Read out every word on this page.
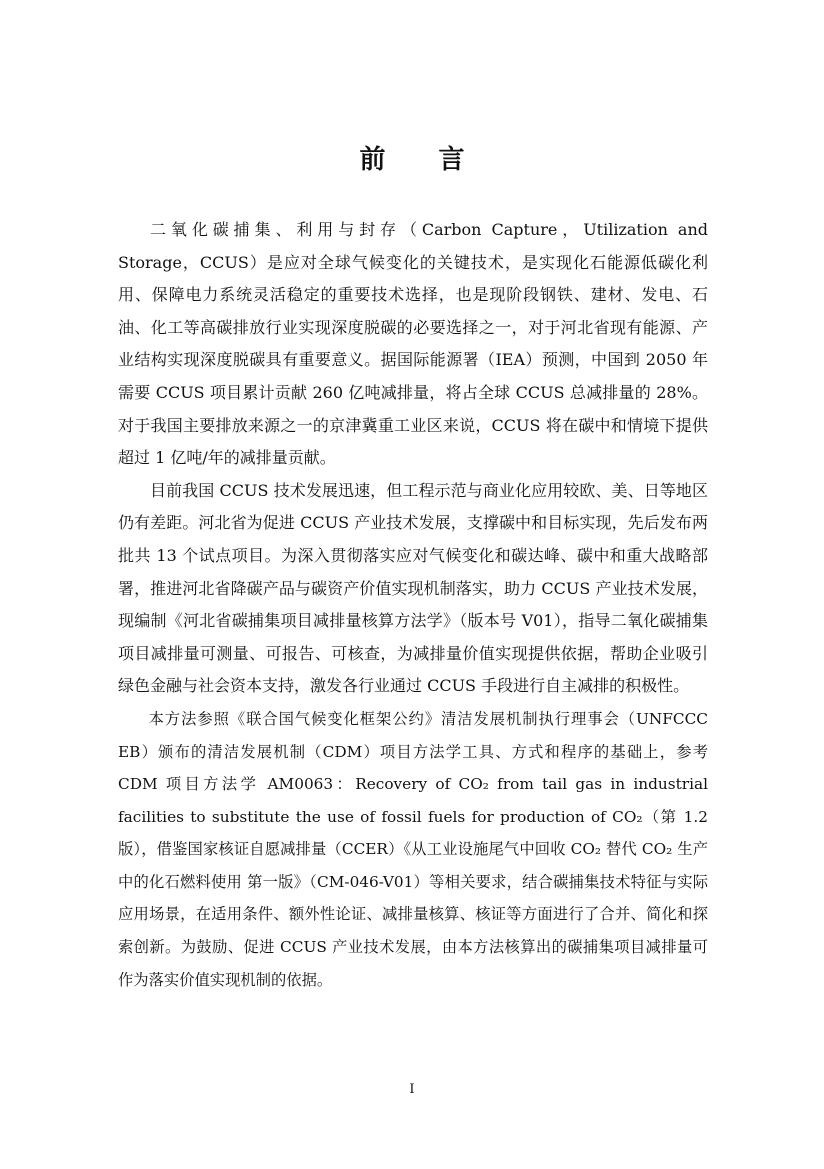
前 言

二氧化碳捕集、利用与封存（Carbon Capture，Utilization and Storage，CCUS）是应对全球气候变化的关键技术，是实现化石能源低碳化利用、保障电力系统灵活稳定的重要技术选择，也是现阶段钢铁、建材、发电、石油、化工等高碳排放行业实现深度脱碳的必要选择之一，对于河北省现有能源、产业结构实现深度脱碳具有重要意义。据国际能源署（IEA）预测，中国到 2050 年需要 CCUS 项目累计贡献 260 亿吨减排量，将占全球 CCUS 总减排量的 28%。对于我国主要排放来源之一的京津冀重工业区来说，CCUS 将在碳中和情境下提供超过 1 亿吨/年的减排量贡献。

目前我国 CCUS 技术发展迅速，但工程示范与商业化应用较欧、美、日等地区仍有差距。河北省为促进 CCUS 产业技术发展，支撑碳中和目标实现，先后发布两批共 13 个试点项目。为深入贯彻落实应对气候变化和碳达峰、碳中和重大战略部署，推进河北省降碳产品与碳资产价值实现机制落实，助力 CCUS 产业技术发展，现编制《河北省碳捕集项目减排量核算方法学》（版本号 V01），指导二氧化碳捕集项目减排量可测量、可报告、可核查，为减排量价值实现提供依据，帮助企业吸引绿色金融与社会资本支持，激发各行业通过 CCUS 手段进行自主减排的积极性。

本方法参照《联合国气候变化框架公约》清洁发展机制执行理事会（UNFCCC EB）颁布的清洁发展机制（CDM）项目方法学工具、方式和程序的基础上，参考 CDM 项目方法学 AM0063：Recovery of CO₂ from tail gas in industrial facilities to substitute the use of fossil fuels for production of CO₂（第 1.2 版），借鉴国家核证自愿减排量（CCER）《从工业设施尾气中回收 CO₂ 替代 CO₂ 生产中的化石燃料使用 第一版》（CM-046-V01）等相关要求，结合碳捕集技术特征与实际应用场景，在适用条件、额外性论证、减排量核算、核证等方面进行了合并、简化和探索创新。为鼓励、促进 CCUS 产业技术发展，由本方法核算出的碳捕集项目减排量可作为落实价值实现机制的依据。

I
